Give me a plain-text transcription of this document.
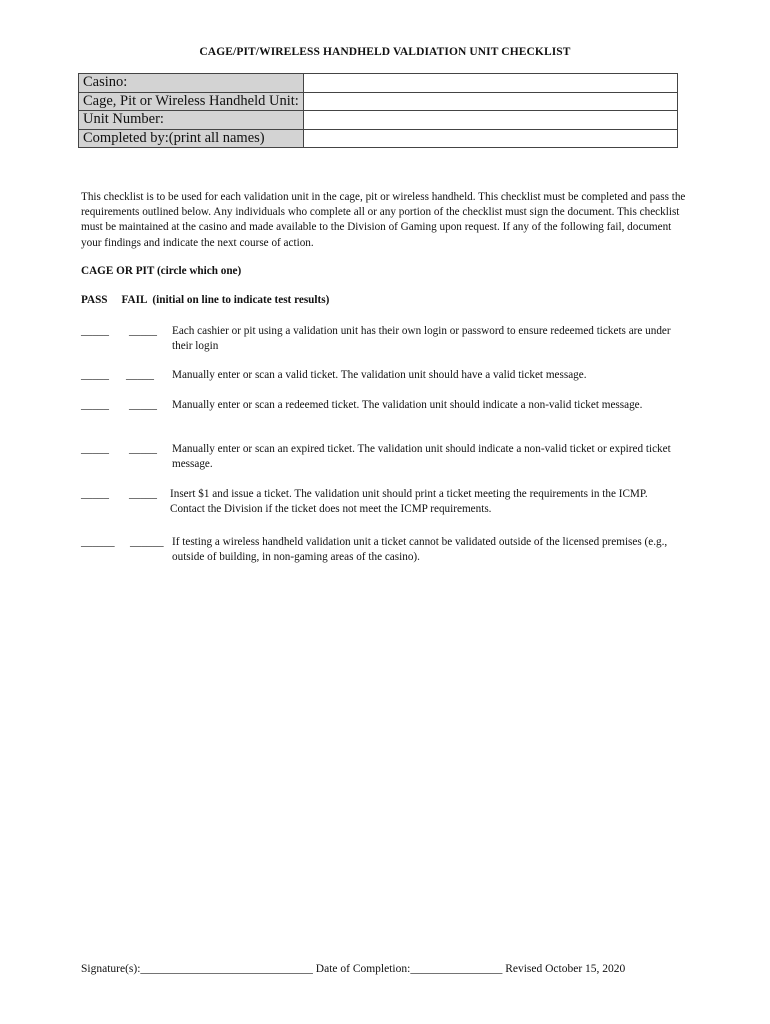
CAGE/PIT/WIRELESS HANDHELD VALDIATION UNIT CHECKLIST
Casino:	
Cage, Pit or Wireless Handheld Unit:	
Unit Number:	
Completed by:(print all names)	
This checklist is to be used for each validation unit in the cage, pit or wireless handheld. This checklist must be completed and pass the requirements outlined below. Any individuals who complete all or any portion of the checklist must sign the document. This checklist must be maintained at the casino and made available to the Division of Gaming upon request. If any of the following fail, document your findings and indicate the next course of action.
CAGE OR PIT (circle which one)
PASS     FAIL  (initial on line to indicate test results)
_____ _____ Each cashier or pit using a validation unit has their own login or password to ensure redeemed tickets are under their login
_____ _____ Manually enter or scan a valid ticket. The validation unit should have a valid ticket message.
_____ _____ Manually enter or scan a redeemed ticket. The validation unit should indicate a non-valid ticket message.
_____ _____ Manually enter or scan an expired ticket. The validation unit should indicate a non-valid ticket or expired ticket message.
_____ _____ Insert $1 and issue a ticket. The validation unit should print a ticket meeting the requirements in the ICMP. Contact the Division if the ticket does not meet the ICMP requirements.
______ ______ If testing a wireless handheld validation unit a ticket cannot be validated outside of the licensed premises (e.g., outside of building, in non-gaming areas of the casino).
Signature(s):______________________________ Date of Completion:________________ Revised October 15, 2020
